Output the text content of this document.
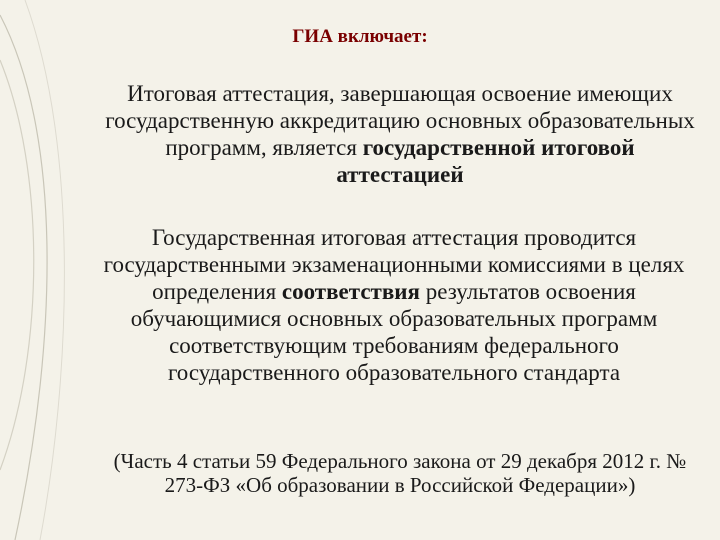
ГИА включает:
Итоговая аттестация, завершающая освоение имеющих государственную аккредитацию основных образовательных программ, является государственной итоговой аттестацией
Государственная итоговая аттестация проводится государственными экзаменационными комиссиями в целях определения соответствия результатов освоения обучающимися основных образовательных программ соответствующим требованиям федерального государственного образовательного стандарта
(Часть 4 статьи 59 Федерального закона от 29 декабря 2012 г. № 273-ФЗ «Об образовании в Российской Федерации»)
